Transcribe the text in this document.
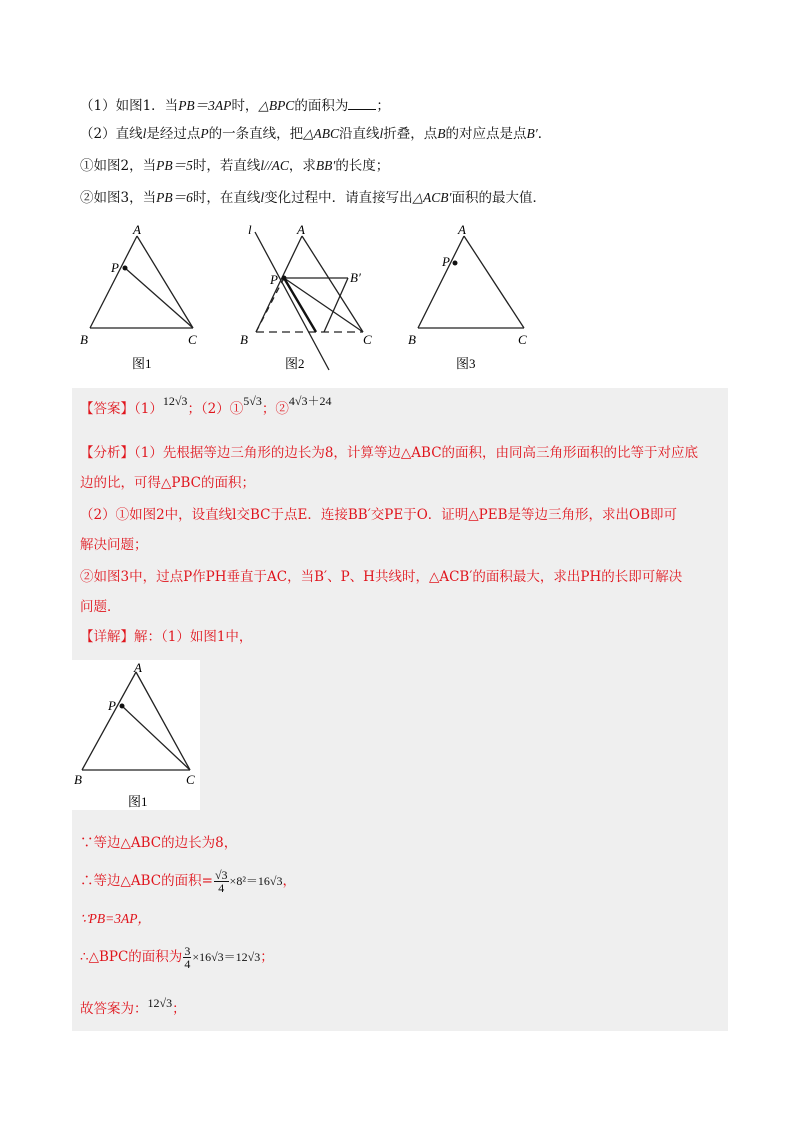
（1）如图1．当PB＝3AP时，△BPC的面积为 ；
（2）直线l是经过点P的一条直线，把△ABC沿直线l折叠，点B的对应点是点B′．
①如图2，当PB＝5时，若直线l//AC，求BB′的长度；
②如图3，当PB＝6时，在直线l变化过程中．请直接写出△ACB′面积的最大值．
A
P
B	C
图1
l	A
P	B′
B	C
图2
A
P
B	C
图3
【答案】（1）12√3；（2）①5√3；②4√3＋24
【分析】（1）先根据等边三角形的边长为8，计算等边△ABC的面积，由同高三角形面积的比等于对应底
边的比，可得△PBC的面积；
（2）①如图2中，设直线l交BC于点E．连接BB′交PE于O．证明△PEB是等边三角形，求出OB即可
解决问题；
②如图3中，过点P作PH垂直于AC，当B′、P、H共线时，△ACB′的面积最大，求出PH的长即可解决
问题．
【详解】解：（1）如图1中，
A
P
B	C
图1
∵等边△ABC的边长为8，
∴等边△ABC的面积= $\frac{√3}{4} \times 8^2=16√3$，
∵PB=3AP，
∴△BPC的面积为 $\frac{3}{4} \times 16√3=12√3$；
故答案为：12√3；
